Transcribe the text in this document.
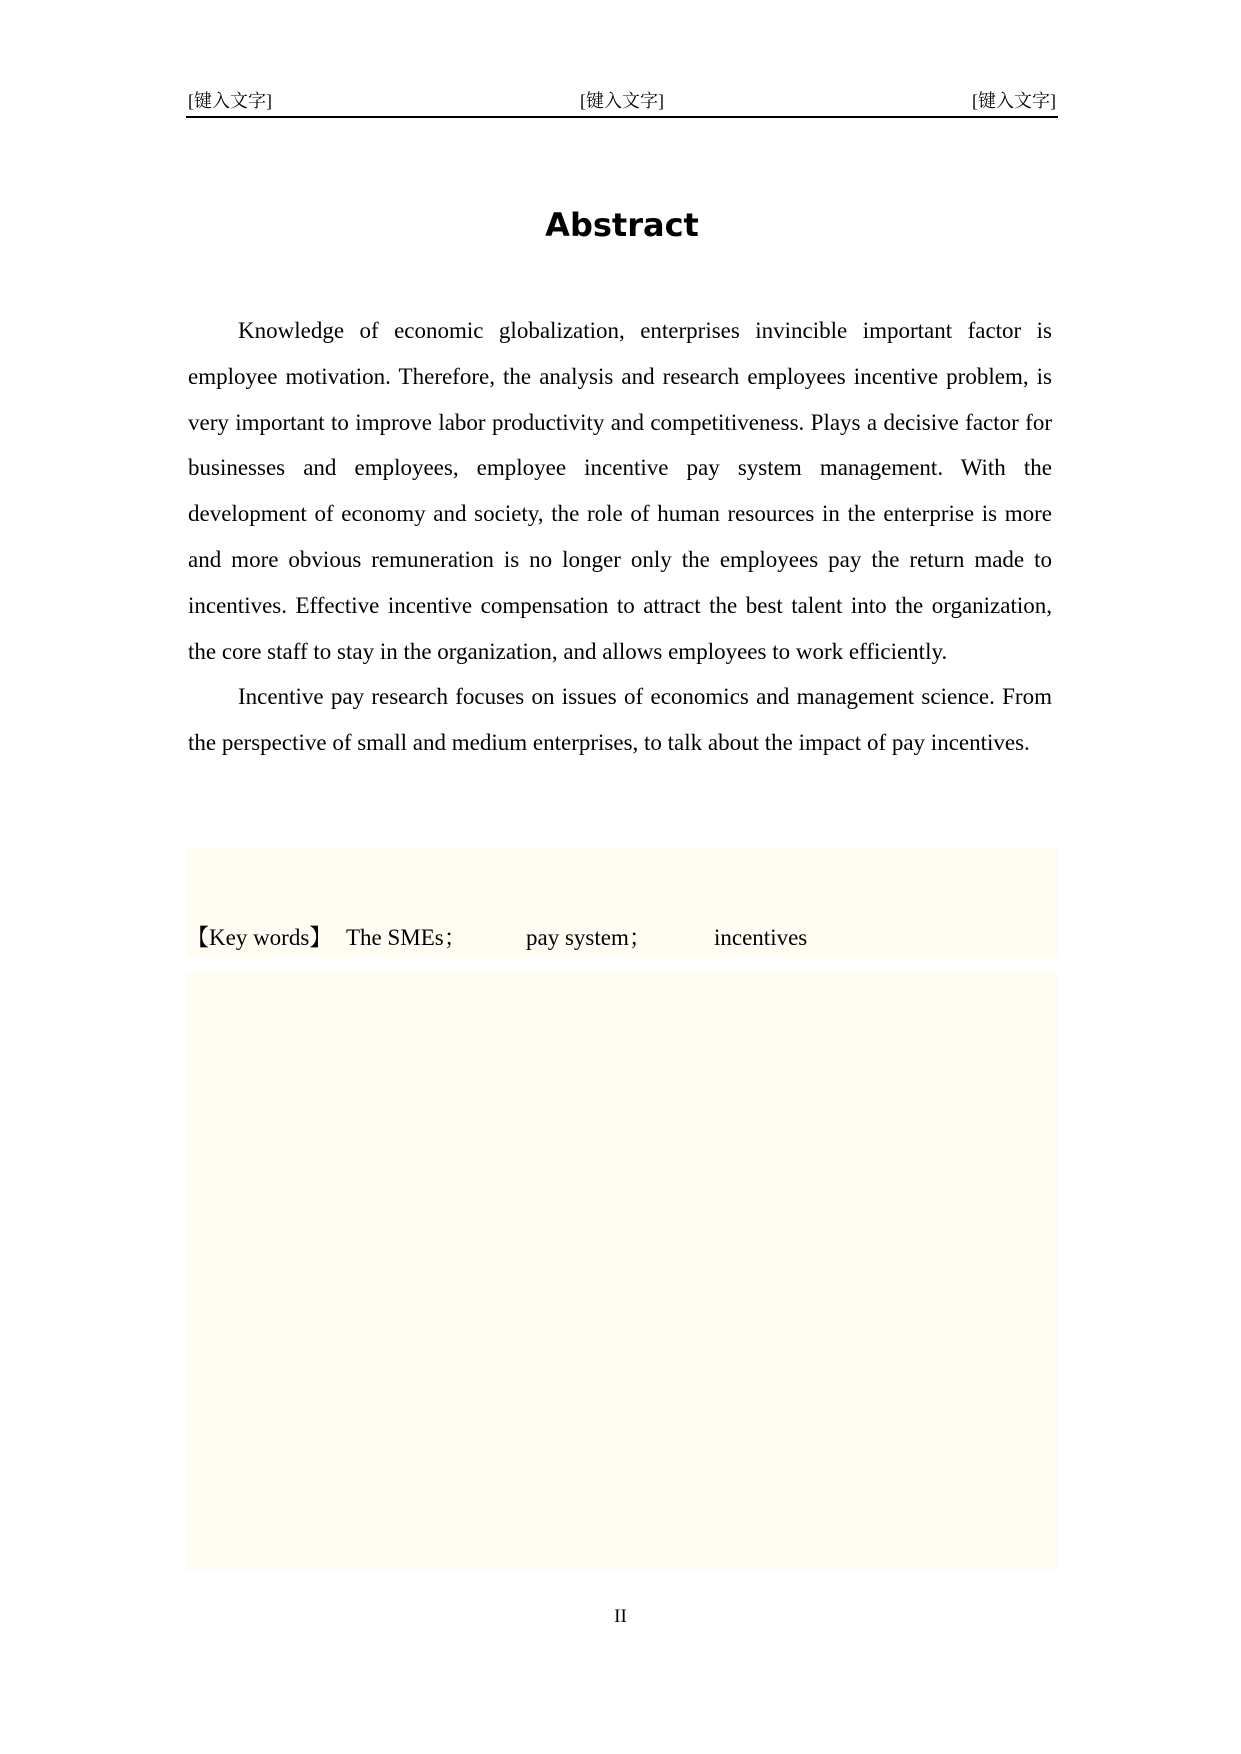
[键入文字]	[键入文字]	[键入文字]
Abstract

Knowledge of economic globalization, enterprises invincible important factor is employee motivation. Therefore, the analysis and research employees incentive problem, is very important to improve labor productivity and competitiveness. Plays a decisive factor for businesses and employees, employee incentive pay system management. With the development of economy and society, the role of human resources in the enterprise is more and more obvious remuneration is no longer only the employees pay the return made to incentives. Effective incentive compensation to attract the best talent into the organization, the core staff to stay in the organization, and allows employees to work efficiently.

Incentive pay research focuses on issues of economics and management science. From the perspective of small and medium enterprises, to talk about the impact of pay incentives.

【Key words】 The SMEs；	pay system；	incentives
II
